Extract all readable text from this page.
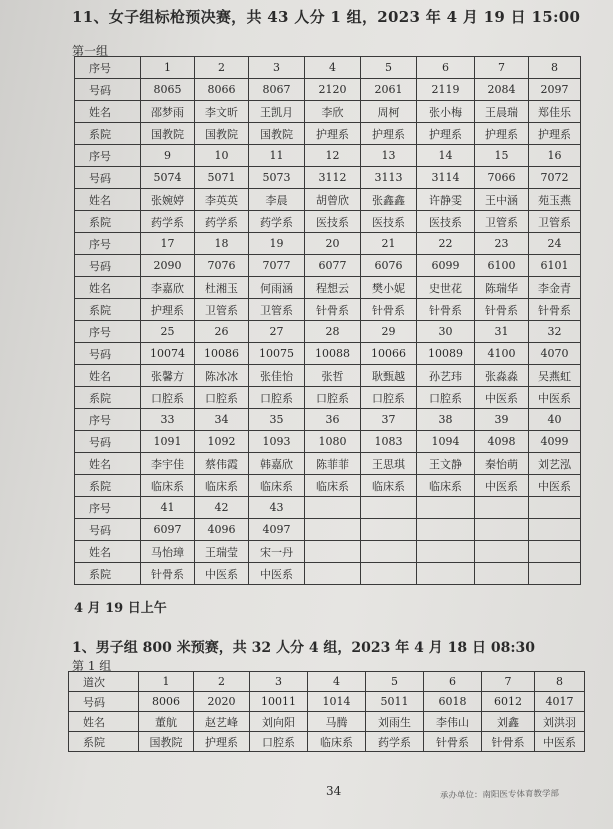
11、女子组标枪预决赛，共 43 人分 1 组，2023 年 4 月 19 日 15:00
第一组
序号	1	2	3	4	5	6	7	8
号码	8065	8066	8067	2120	2061	2119	2084	2097
姓名	邵梦雨	李文昕	王凯月	李欣	周柯	张小梅	王晨瑞	郑佳乐
系院	国教院	国教院	国教院	护理系	护理系	护理系	护理系	护理系
序号	9	10	11	12	13	14	15	16
号码	5074	5071	5073	3112	3113	3114	7066	7072
姓名	张婉婷	李英英	李晨	胡曾欣	张鑫鑫	许静雯	王中涵	苑玉燕
系院	药学系	药学系	药学系	医技系	医技系	医技系	卫管系	卫管系
序号	17	18	19	20	21	22	23	24
号码	2090	7076	7077	6077	6076	6099	6100	6101
姓名	李嘉欣	杜湘玉	何雨涵	程想云	樊小妮	史世花	陈瑞华	李金青
系院	护理系	卫管系	卫管系	针骨系	针骨系	针骨系	针骨系	针骨系
序号	25	26	27	28	29	30	31	32
号码	10074	10086	10075	10088	10066	10089	4100	4070
姓名	张馨方	陈冰冰	张佳怡	张哲	耿甄越	孙艺玮	张淼淼	吴燕虹
系院	口腔系	口腔系	口腔系	口腔系	口腔系	口腔系	中医系	中医系
序号	33	34	35	36	37	38	39	40
号码	1091	1092	1093	1080	1083	1094	4098	4099
姓名	李宇佳	蔡伟霞	韩嘉欣	陈菲菲	王思琪	王文静	秦怡萌	刘艺泓
系院	临床系	临床系	临床系	临床系	临床系	临床系	中医系	中医系
序号	41	42	43					
号码	6097	4096	4097					
姓名	马怡璋	王瑞莹	宋一丹					
系院	针骨系	中医系	中医系					
4 月 19 日上午
1、男子组 800 米预赛，共 32 人分 4 组，2023 年 4 月 18 日 08:30
第 1 组
道次	1	2	3	4	5	6	7	8
号码	8006	2020	10011	1014	5011	6018	6012	4017
姓名	董航	赵艺峰	刘向阳	马腾	刘雨生	李伟山	刘鑫	刘洪羽
系院	国教院	护理系	口腔系	临床系	药学系	针骨系	针骨系	中医系
34	承办单位：南阳医专体育教学部
